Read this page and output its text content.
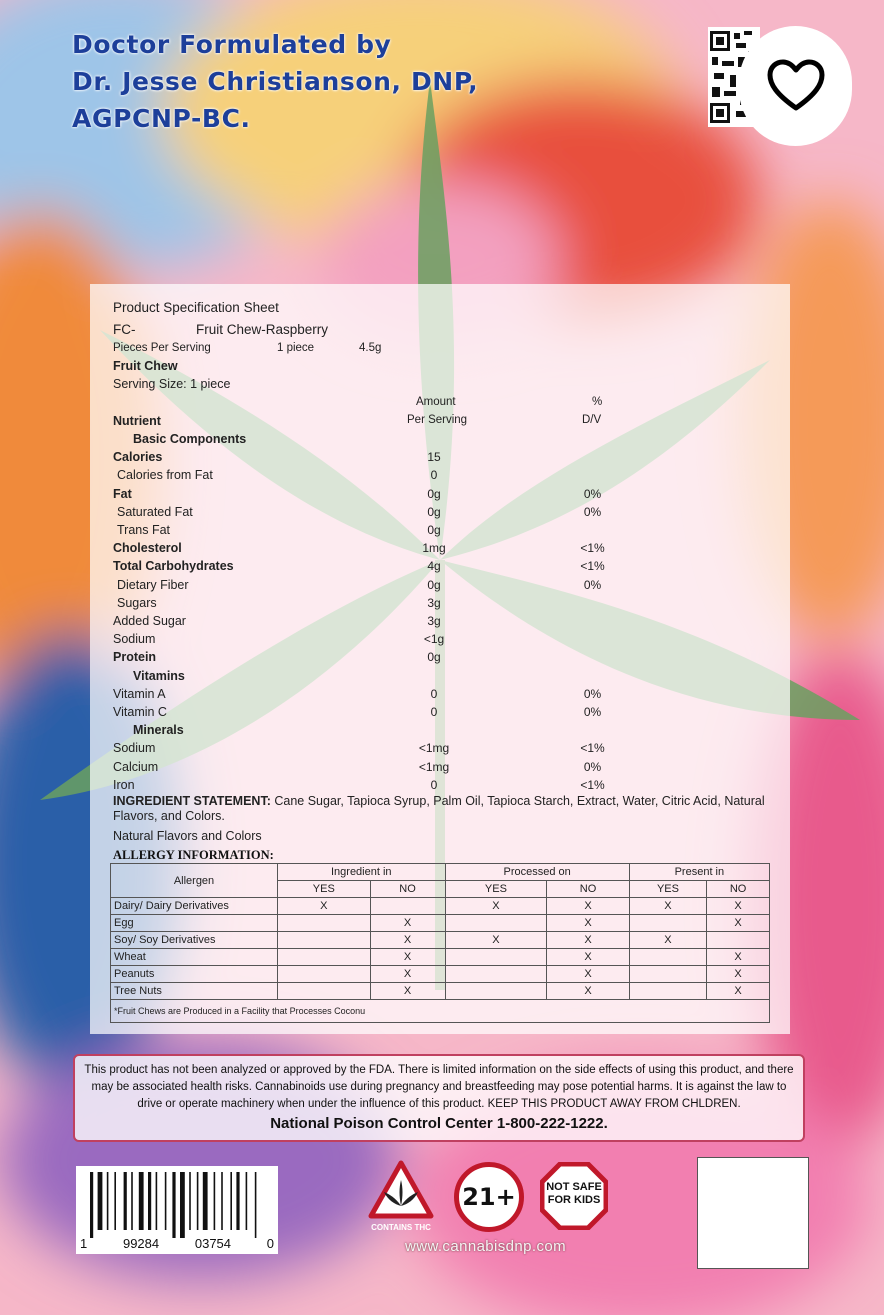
Doctor Formulated by
Dr. Jesse Christianson, DNP,
AGPCNP-BC.
Product Specification Sheet
FC-	Fruit Chew-Raspberry
Pieces Per Serving	1 piece	4.5g
Fruit Chew
Serving Size: 1 piece
Amount
Per Serving
%
D/V
Nutrient
Basic Components
Calories	15
Calories from Fat	0
Fat	0g	0%
Saturated Fat	0g	0%
Trans Fat	0g
Cholesterol	1mg	<1%
Total Carbohydrates	4g	<1%
Dietary Fiber	0g	0%
Sugars	3g
Added Sugar	3g
Sodium	<1g
Protein	0g
Vitamins
Vitamin A	0	0%
Vitamin C	0	0%
Minerals
Sodium	<1mg	<1%
Calcium	<1mg	0%
Iron	0	<1%
INGREDIENT STATEMENT: Cane Sugar, Tapioca Syrup, Palm Oil, Tapioca Starch, Extract, Water, Citric Acid, Natural Flavors, and Colors.
Natural Flavors and Colors
ALLERGY INFORMATION:
Allergen	Ingredient in		Processed on		Present in	
	YES	NO	YES	NO	YES	NO
Dairy/ Dairy Derivatives	X		X	X	X	X
Egg		X		X		X
Soy/ Soy Derivatives		X	X	X	X	
Wheat		X		X		X
Peanuts		X		X		X
Tree Nuts		X		X		X
*Fruit Chews are Produced in a Facility that Processes Coconu						
This product has not been analyzed or approved by the FDA. There is limited information on the side effects of using this product, and there may be associated health risks. Cannabinoids use during pregnancy and breastfeeding may pose potential harms. It is against the law to drive or operate machinery when under the influence of this product. KEEP THIS PRODUCT AWAY FROM CHLDREN.
National Poison Control Center 1-800-222-1222.
1	99284	03754	0
CONTAINS THC
21+	NOT SAFE
FOR KIDS
www.cannabisdnp.com
